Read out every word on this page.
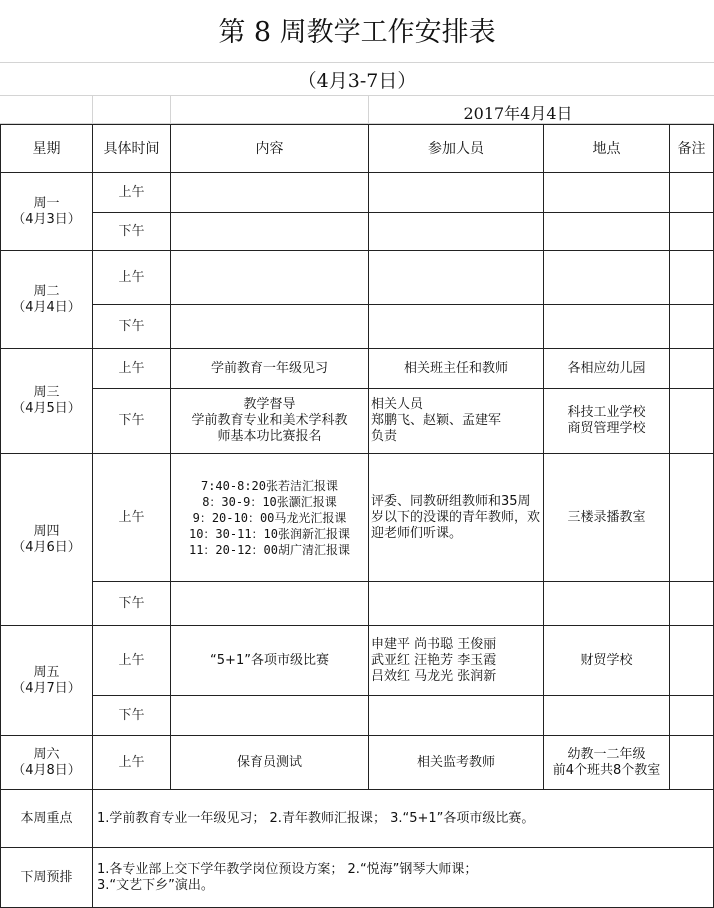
第 8 周教学工作安排表
（4月3-7日）
2017年4月4日
星期	具体时间	内容	参加人员	地点	备注

周一
（4月3日）	上午				
	下午				

周二
（4月4日）	上午				
	下午				

周三
（4月5日）	上午	学前教育一年级见习	相关班主任和教师	各相应幼儿园	
	下午	教学督导
学前教育专业和美术学科教
师基本功比赛报名	相关人员
郑鹏飞、赵颖、孟建军
负责	科技工业学校
商贸管理学校	

周四
（4月6日）	上午	7:40-8:20张若洁汇报课
8：30-9：10张灏汇报课
9：20-10：00马龙光汇报课
10：30-11：10张润新汇报课
11：20-12：00胡广清汇报课	评委、同教研组教师和35周岁以下的没课的青年教师，欢迎老师们听课。	三楼录播教室	
	下午				

周五
（4月7日）	上午	“5+1”各项市级比赛	申建平 尚书聪 王俊丽
武亚红 汪艳芳 李玉霞
吕效红 马龙光 张润新	财贸学校	
	下午				

周六
（4月8日）	上午	保育员测试	相关监考教师	幼教一二年级
前4个班共8个教室	

本周重点	1.学前教育专业一年级见习； 2.青年教师汇报课； 3.“5+1”各项市级比赛。				
下周预排	1.各专业部上交下学年教学岗位预设方案； 2.“悦海”钢琴大师课；
3.“文艺下乡”演出。				
